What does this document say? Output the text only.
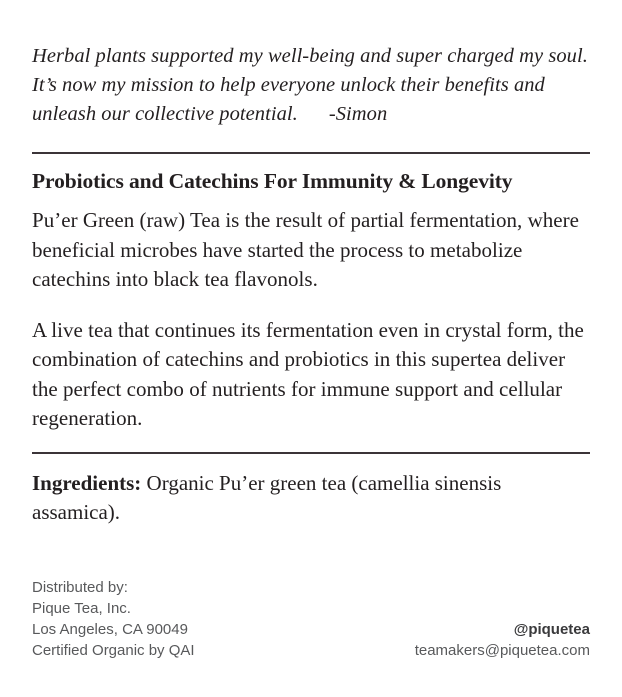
Herbal plants supported my well-being and super charged my soul. It’s now my mission to help everyone unlock their benefits and unleash our collective potential. -Simon

Probiotics and Catechins For Immunity & Longevity

Pu’er Green (raw) Tea is the result of partial fermentation, where beneficial microbes have started the process to metabolize catechins into black tea flavonols.

A live tea that continues its fermentation even in crystal form, the combination of catechins and probiotics in this supertea deliver the perfect combo of nutrients for immune support and cellular regeneration.

Ingredients: Organic Pu’er green tea (camellia sinensis assamica).

Distributed by:
Pique Tea, Inc.
Los Angeles, CA 90049
Certified Organic by QAI
@piquetea
teamakers@piquetea.com
